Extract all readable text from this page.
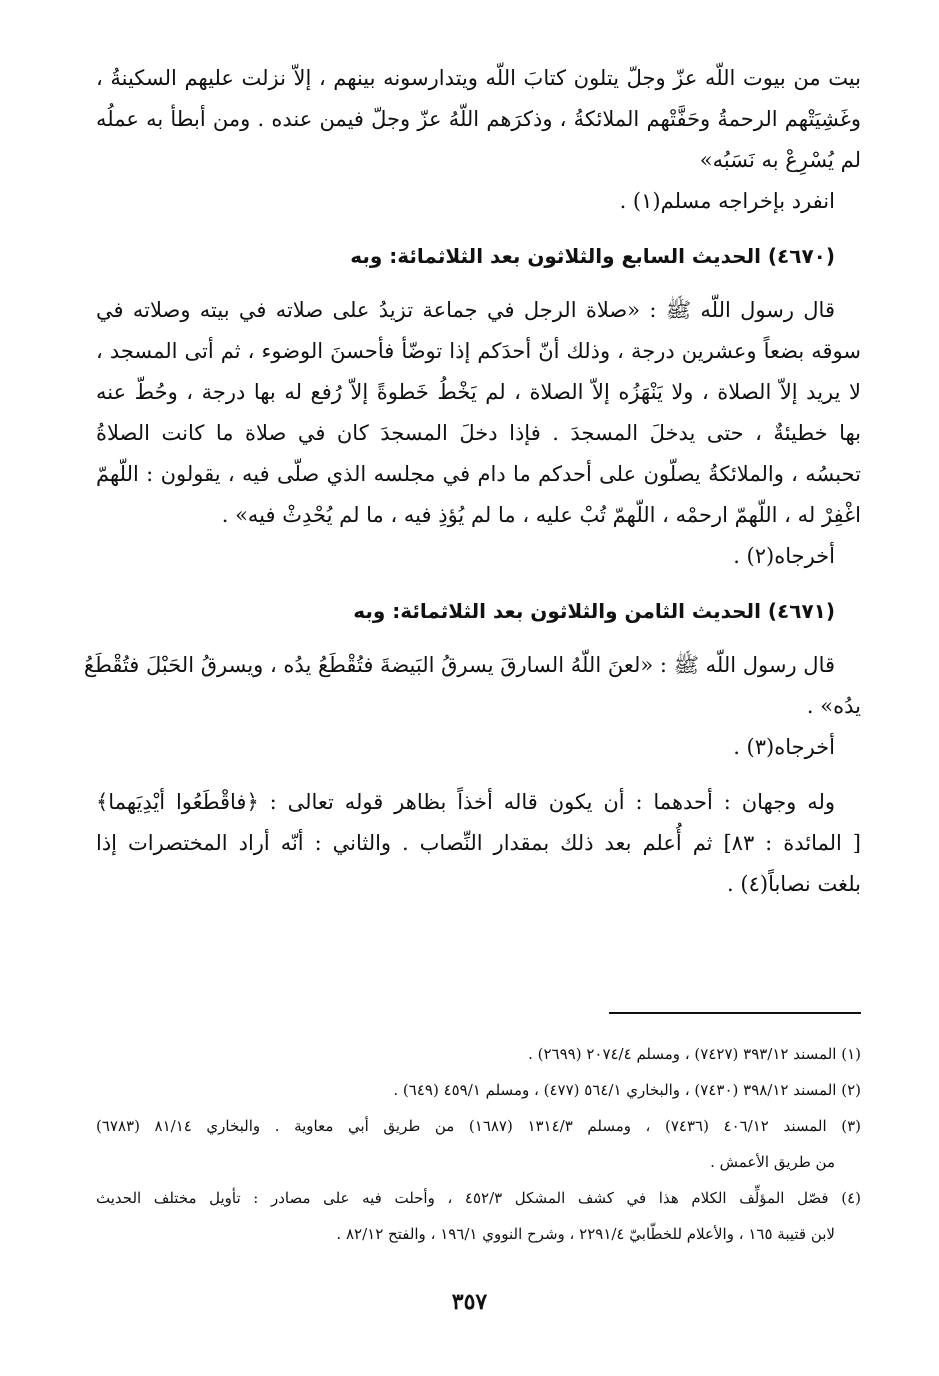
بيت من بيوت اللّه عزّ وجلّ يتلون كتابَ اللّه ويتدارسونه بينهم ، إلاّ نزلت عليهم السكينةُ ،
وغَشِيَتْهم الرحمةُ وحَفَّتْهم الملائكةُ ، وذكرَهم اللّهُ عزّ وجلّ فيمن عنده . ومن أبطأ به عملُه
لم يُسْرِعْ به نَسَبُه»
انفرد بإخراجه مسلم(١) .
(٤٦٧٠) الحديث السابع والثلاثون بعد الثلاثمائة: وبه
قال رسول اللّه ﷺ : «صلاة الرجل في جماعة تزيدُ على صلاته في بيته وصلاته في
سوقه بضعاً وعشرين درجة ، وذلك أنّ أحدَكم إذا توضّأ فأحسنَ الوضوء ، ثم أتى المسجد ،
لا يريد إلاّ الصلاة ، ولا يَنْهَزُه إلاّ الصلاة ، لم يَخْطُ خَطوةً إلاّ رُفع له بها درجة ، وحُطّ عنه
بها خطيئةٌ ، حتى يدخلَ المسجدَ . فإذا دخلَ المسجدَ كان في صلاة ما كانت الصلاةُ
تحبسُه ، والملائكةُ يصلّون على أحدكم ما دام في مجلسه الذي صلّى فيه ، يقولون : اللّهمّ
اغْفِرْ له ، اللّهمّ ارحمْه ، اللّهمّ تُبْ عليه ، ما لم يُؤذِ فيه ، ما لم يُحْدِثْ فيه» .
أخرجاه(٢) .
(٤٦٧١) الحديث الثامن والثلاثون بعد الثلاثمائة: وبه
قال رسول اللّه ﷺ : «لعنَ اللّهُ السارقَ يسرقُ البَيضةَ فتُقْطَعُ يدُه ، ويسرقُ الحَبْلَ فتُقْطَعُ
يدُه» .
أخرجاه(٣) .
وله وجهان : أحدهما : أن يكون قاله أخذاً بظاهر قوله تعالى : ﴿فاقْطَعُوا أيْدِيَهما﴾
[ المائدة : ٨٣] ثم أُعلم بعد ذلك بمقدار النِّصاب . والثاني : أنّه أراد المختصرات إذا
بلغت نصاباً(٤) .
(١) المسند ٣٩٣/١٢ (٧٤٢٧) ، ومسلم ٢٠٧٤/٤ (٢٦٩٩) .
(٢) المسند ٣٩٨/١٢ (٧٤٣٠) ، والبخاري ٥٦٤/١ (٤٧٧) ، ومسلم ٤٥٩/١ (٦٤٩) .
(٣) المسند ٤٠٦/١٢ (٧٤٣٦) ، ومسلم ١٣١٤/٣ (١٦٨٧) من طريق أبي معاوية . والبخاري ٨١/١٤ (٦٧٨٣)
من طريق الأعمش .
(٤) فصّل المؤلِّف الكلام هذا في كشف المشكل ٤٥٢/٣ ، وأحلت فيه على مصادر : تأويل مختلف الحديث
لابن قتيبة ١٦٥ ، والأعلام للخطّابيّ ٢٢٩١/٤ ، وشرح النووي ١٩٦/١ ، والفتح ٨٢/١٢ .
٣٥٧
